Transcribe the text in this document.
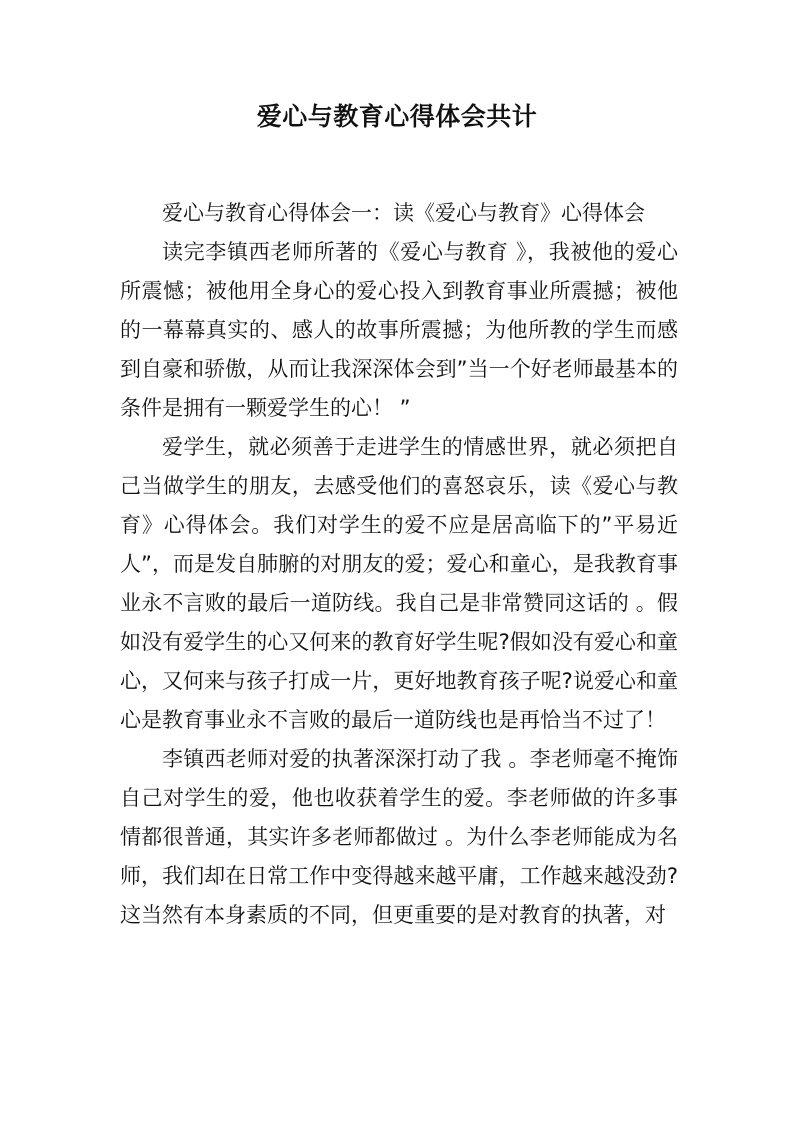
爱心与教育心得体会共计

爱心与教育心得体会一：读《爱心与教育》心得体会

读完李镇西老师所著的《爱心与教育 》，我被他的爱心所震憾；被他用全身心的爱心投入到教育事业所震撼；被他的一幕幕真实的、感人的故事所震撼；为他所教的学生而感到自豪和骄傲，从而让我深深体会到”当一个好老师最基本的条件是拥有一颗爱学生的心！ ”

爱学生，就必须善于走进学生的情感世界，就必须把自己当做学生的朋友，去感受他们的喜怒哀乐，读《爱心与教育》心得体会。我们对学生的爱不应是居高临下的”平易近人”，而是发自肺腑的对朋友的爱；爱心和童心，是我教育事业永不言败的最后一道防线。我自己是非常赞同这话的 。假如没有爱学生的心又何来的教育好学生呢?假如没有爱心和童心，又何来与孩子打成一片，更好地教育孩子呢?说爱心和童心是教育事业永不言败的最后一道防线也是再恰当不过了！

李镇西老师对爱的执著深深打动了我 。李老师毫不掩饰自己对学生的爱，他也收获着学生的爱。李老师做的许多事情都很普通，其实许多老师都做过 。为什么李老师能成为名师，我们却在日常工作中变得越来越平庸，工作越来越没劲?这当然有本身素质的不同，但更重要的是对教育的执著，对
